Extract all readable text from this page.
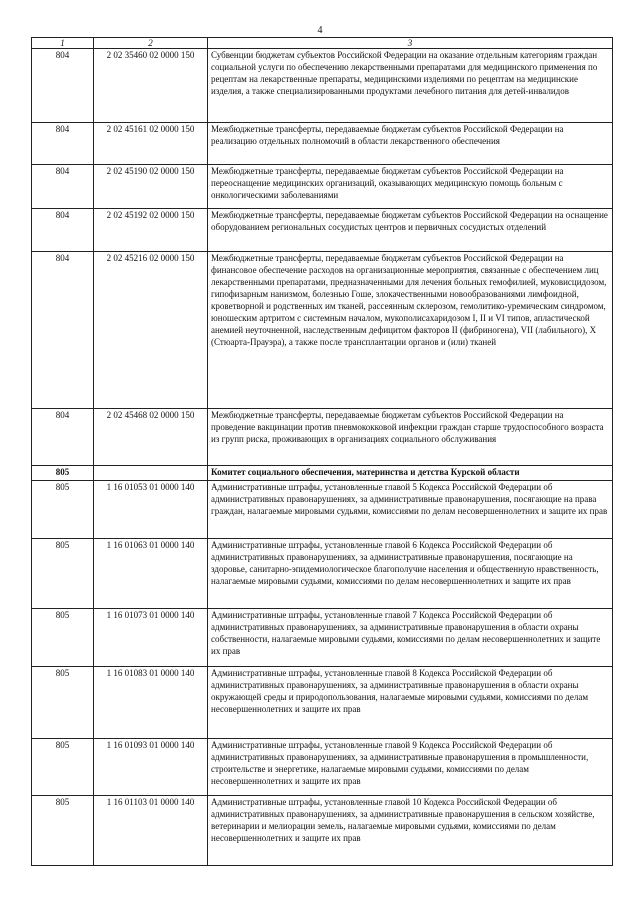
4
1	2	3
804	2 02 35460 02 0000 150	Субвенции бюджетам субъектов Российской Федерации на оказание отдельным категориям граждан социальной услуги по обеспечению лекарственными препаратами для медицинского применения по рецептам на лекарственные препараты, медицинскими изделиями по рецептам на медицинские изделия, а также специализированными продуктами лечебного питания для детей-инвалидов
804	2 02 45161 02 0000 150	Межбюджетные трансферты, передаваемые бюджетам субъектов Российской Федерации на реализацию отдельных полномочий в области лекарственного обеспечения
804	2 02 45190 02 0000 150	Межбюджетные трансферты, передаваемые бюджетам субъектов Российской Федерации на переоснащение медицинских организаций, оказывающих медицинскую помощь больным с онкологическими заболеваниями
804	2 02 45192 02 0000 150	Межбюджетные трансферты, передаваемые бюджетам субъектов Российской Федерации на оснащение оборудованием региональных сосудистых центров и первичных сосудистых отделений
804	2 02 45216 02 0000 150	Межбюджетные трансферты, передаваемые бюджетам субъектов Российской Федерации на финансовое обеспечение расходов на организационные мероприятия, связанные с обеспечением лиц лекарственными препаратами, предназначенными для лечения больных гемофилией, муковисцидозом, гипофизарным нанизмом, болезнью Гоше, злокачественными новообразованиями лимфоидной, кроветворной и родственных им тканей, рассеянным склерозом, гемолитико-уремическим синдромом, юношеским артритом с системным началом, мукополисахаридозом I, II и VI типов, апластической анемией неуточненной, наследственным дефицитом факторов II (фибриногена), VII (лабильного), X (Стюарта-Прауэра), а также после трансплантации органов и (или) тканей
804	2 02 45468 02 0000 150	Межбюджетные трансферты, передаваемые бюджетам субъектов Российской Федерации на проведение вакцинации против пневмококковой инфекции граждан старше трудоспособного возраста из групп риска, проживающих в организациях социального обслуживания
805		Комитет социального обеспечения, материнства и детства Курской области
805	1 16 01053 01 0000 140	Административные штрафы, установленные главой 5 Кодекса Российской Федерации об административных правонарушениях, за административные правонарушения, посягающие на права граждан, налагаемые мировыми судьями, комиссиями по делам несовершеннолетних и защите их прав
805	1 16 01063 01 0000 140	Административные штрафы, установленные главой 6 Кодекса Российской Федерации об административных правонарушениях, за административные правонарушения, посягающие на здоровье, санитарно-эпидемиологическое благополучие населения и общественную нравственность, налагаемые мировыми судьями, комиссиями по делам несовершеннолетних и защите их прав
805	1 16 01073 01 0000 140	Административные штрафы, установленные главой 7 Кодекса Российской Федерации об административных правонарушениях, за административные правонарушения в области охраны собственности, налагаемые мировыми судьями, комиссиями по делам несовершеннолетних и защите их прав
805	1 16 01083 01 0000 140	Административные штрафы, установленные главой 8 Кодекса Российской Федерации об административных правонарушениях, за административные правонарушения в области охраны окружающей среды и природопользования, налагаемые мировыми судьями, комиссиями по делам несовершеннолетних и защите их прав
805	1 16 01093 01 0000 140	Административные штрафы, установленные главой 9 Кодекса Российской Федерации об административных правонарушениях, за административные правонарушения в промышленности, строительстве и энергетике, налагаемые мировыми судьями, комиссиями по делам несовершеннолетних и защите их прав
805	1 16 01103 01 0000 140	Административные штрафы, установленные главой 10 Кодекса Российской Федерации об административных правонарушениях, за административные правонарушения в сельском хозяйстве, ветеринарии и мелиорации земель, налагаемые мировыми судьями, комиссиями по делам несовершеннолетних и защите их прав
